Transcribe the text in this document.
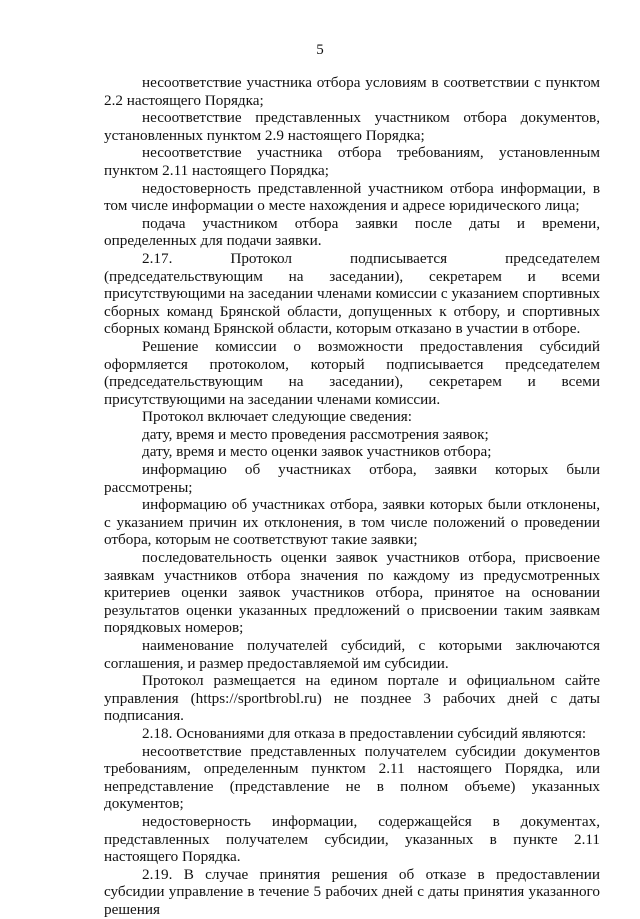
5

несоответствие участника отбора условиям в соответствии с пунктом 2.2 настоящего Порядка;

несоответствие представленных участником отбора документов, установленных пунктом 2.9 настоящего Порядка;

несоответствие участника отбора требованиям, установленным пунктом 2.11 настоящего Порядка;

недостоверность представленной участником отбора информации, в том числе информации о месте нахождения и адресе юридического лица;

подача участником отбора заявки после даты и времени, определенных для подачи заявки.

2.17. Протокол подписывается председателем (председательствующим на заседании), секретарем и всеми присутствующими на заседании членами комиссии с указанием спортивных сборных команд Брянской области, допущенных к отбору, и спортивных сборных команд Брянской области, которым отказано в участии в отборе.

Решение комиссии о возможности предоставления субсидий оформляется протоколом, который подписывается председателем (председательствующим на заседании), секретарем и всеми присутствующими на заседании членами комиссии.

Протокол включает следующие сведения:

дату, время и место проведения рассмотрения заявок;

дату, время и место оценки заявок участников отбора;

информацию об участниках отбора, заявки которых были рассмотрены;

информацию об участниках отбора, заявки которых были отклонены, с указанием причин их отклонения, в том числе положений о проведении отбора, которым не соответствуют такие заявки;

последовательность оценки заявок участников отбора, присвоение заявкам участников отбора значения по каждому из предусмотренных критериев оценки заявок участников отбора, принятое на основании результатов оценки указанных предложений о присвоении таким заявкам порядковых номеров;

наименование получателей субсидий, с которыми заключаются соглашения, и размер предоставляемой им субсидии.

Протокол размещается на едином портале и официальном сайте управления (https://sportbrobl.ru) не позднее 3 рабочих дней с даты подписания.

2.18. Основаниями для отказа в предоставлении субсидий являются:

несоответствие представленных получателем субсидии документов требованиям, определенным пунктом 2.11 настоящего Порядка, или непредставление (представление не в полном объеме) указанных документов;

недостоверность информации, содержащейся в документах, представленных получателем субсидии, указанных в пункте 2.11 настоящего Порядка.

2.19. В случае принятия решения об отказе в предоставлении субсидии управление в течение 5 рабочих дней с даты принятия указанного решения
